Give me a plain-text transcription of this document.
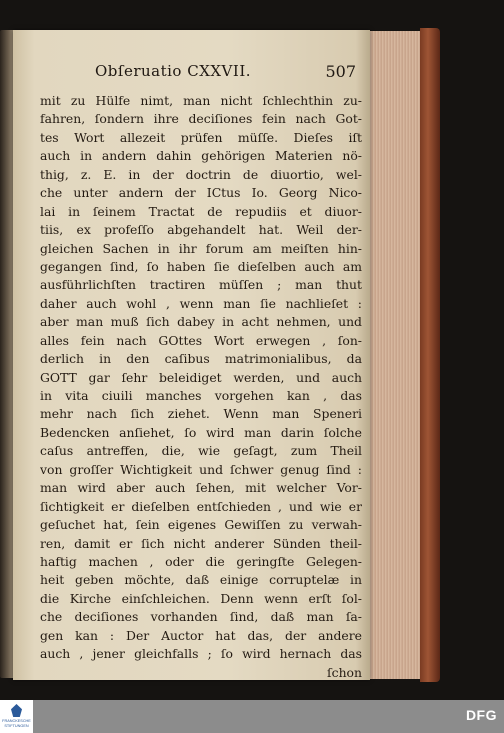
Obſeruatio CXXVII.	507
mit zu Hülfe nimt, man nicht ſchlechthin zu-
fahren, ſondern ihre deciſiones fein nach Got-
tes Wort allezeit prüfen müſſe. Dieſes iſt
auch in andern dahin gehörigen Materien nö-
thig, z. E. in der doctrin de diuortio, wel-
che unter andern der ICtus Io. Georg Nico-
lai in ſeinem Tractat de repudiis et diuor-
tiis, ex profeſſo abgehandelt hat. Weil der-
gleichen Sachen in ihr forum am meiſten hin-
gegangen ſind, ſo haben ſie dieſelben auch am
ausführlichſten tractiren müſſen ; man thut
daher auch wohl , wenn man ſie nachlieſet :
aber man muß ſich dabey in acht nehmen, und
alles fein nach GOttes Wort erwegen , ſon-
derlich in den caſibus matrimonialibus, da
GOTT gar ſehr beleidiget werden, und auch
in vita ciuili manches vorgehen kan , das
mehr nach ſich ziehet. Wenn man Speneri
Bedencken anſiehet, ſo wird man darin ſolche
caſus antreffen, die, wie geſagt, zum Theil
von groſſer Wichtigkeit und ſchwer genug ſind :
man wird aber auch ſehen, mit welcher Vor-
ſichtigkeit er dieſelben entſchieden , und wie er
geſuchet hat, ſein eigenes Gewiſſen zu verwah-
ren, damit er ſich nicht anderer Sünden theil-
haftig machen , oder die geringſte Gelegen-
heit geben möchte, daß einige corruptelæ in
die Kirche einſchleichen. Denn wenn erſt ſol-
che deciſiones vorhanden ſind, daß man ſa-
gen kan : Der Auctor hat das, der andere
auch , jener gleichfalls ; ſo wird hernach das
ſchon
FRANCKESCHE STIFTUNGEN
DFG
